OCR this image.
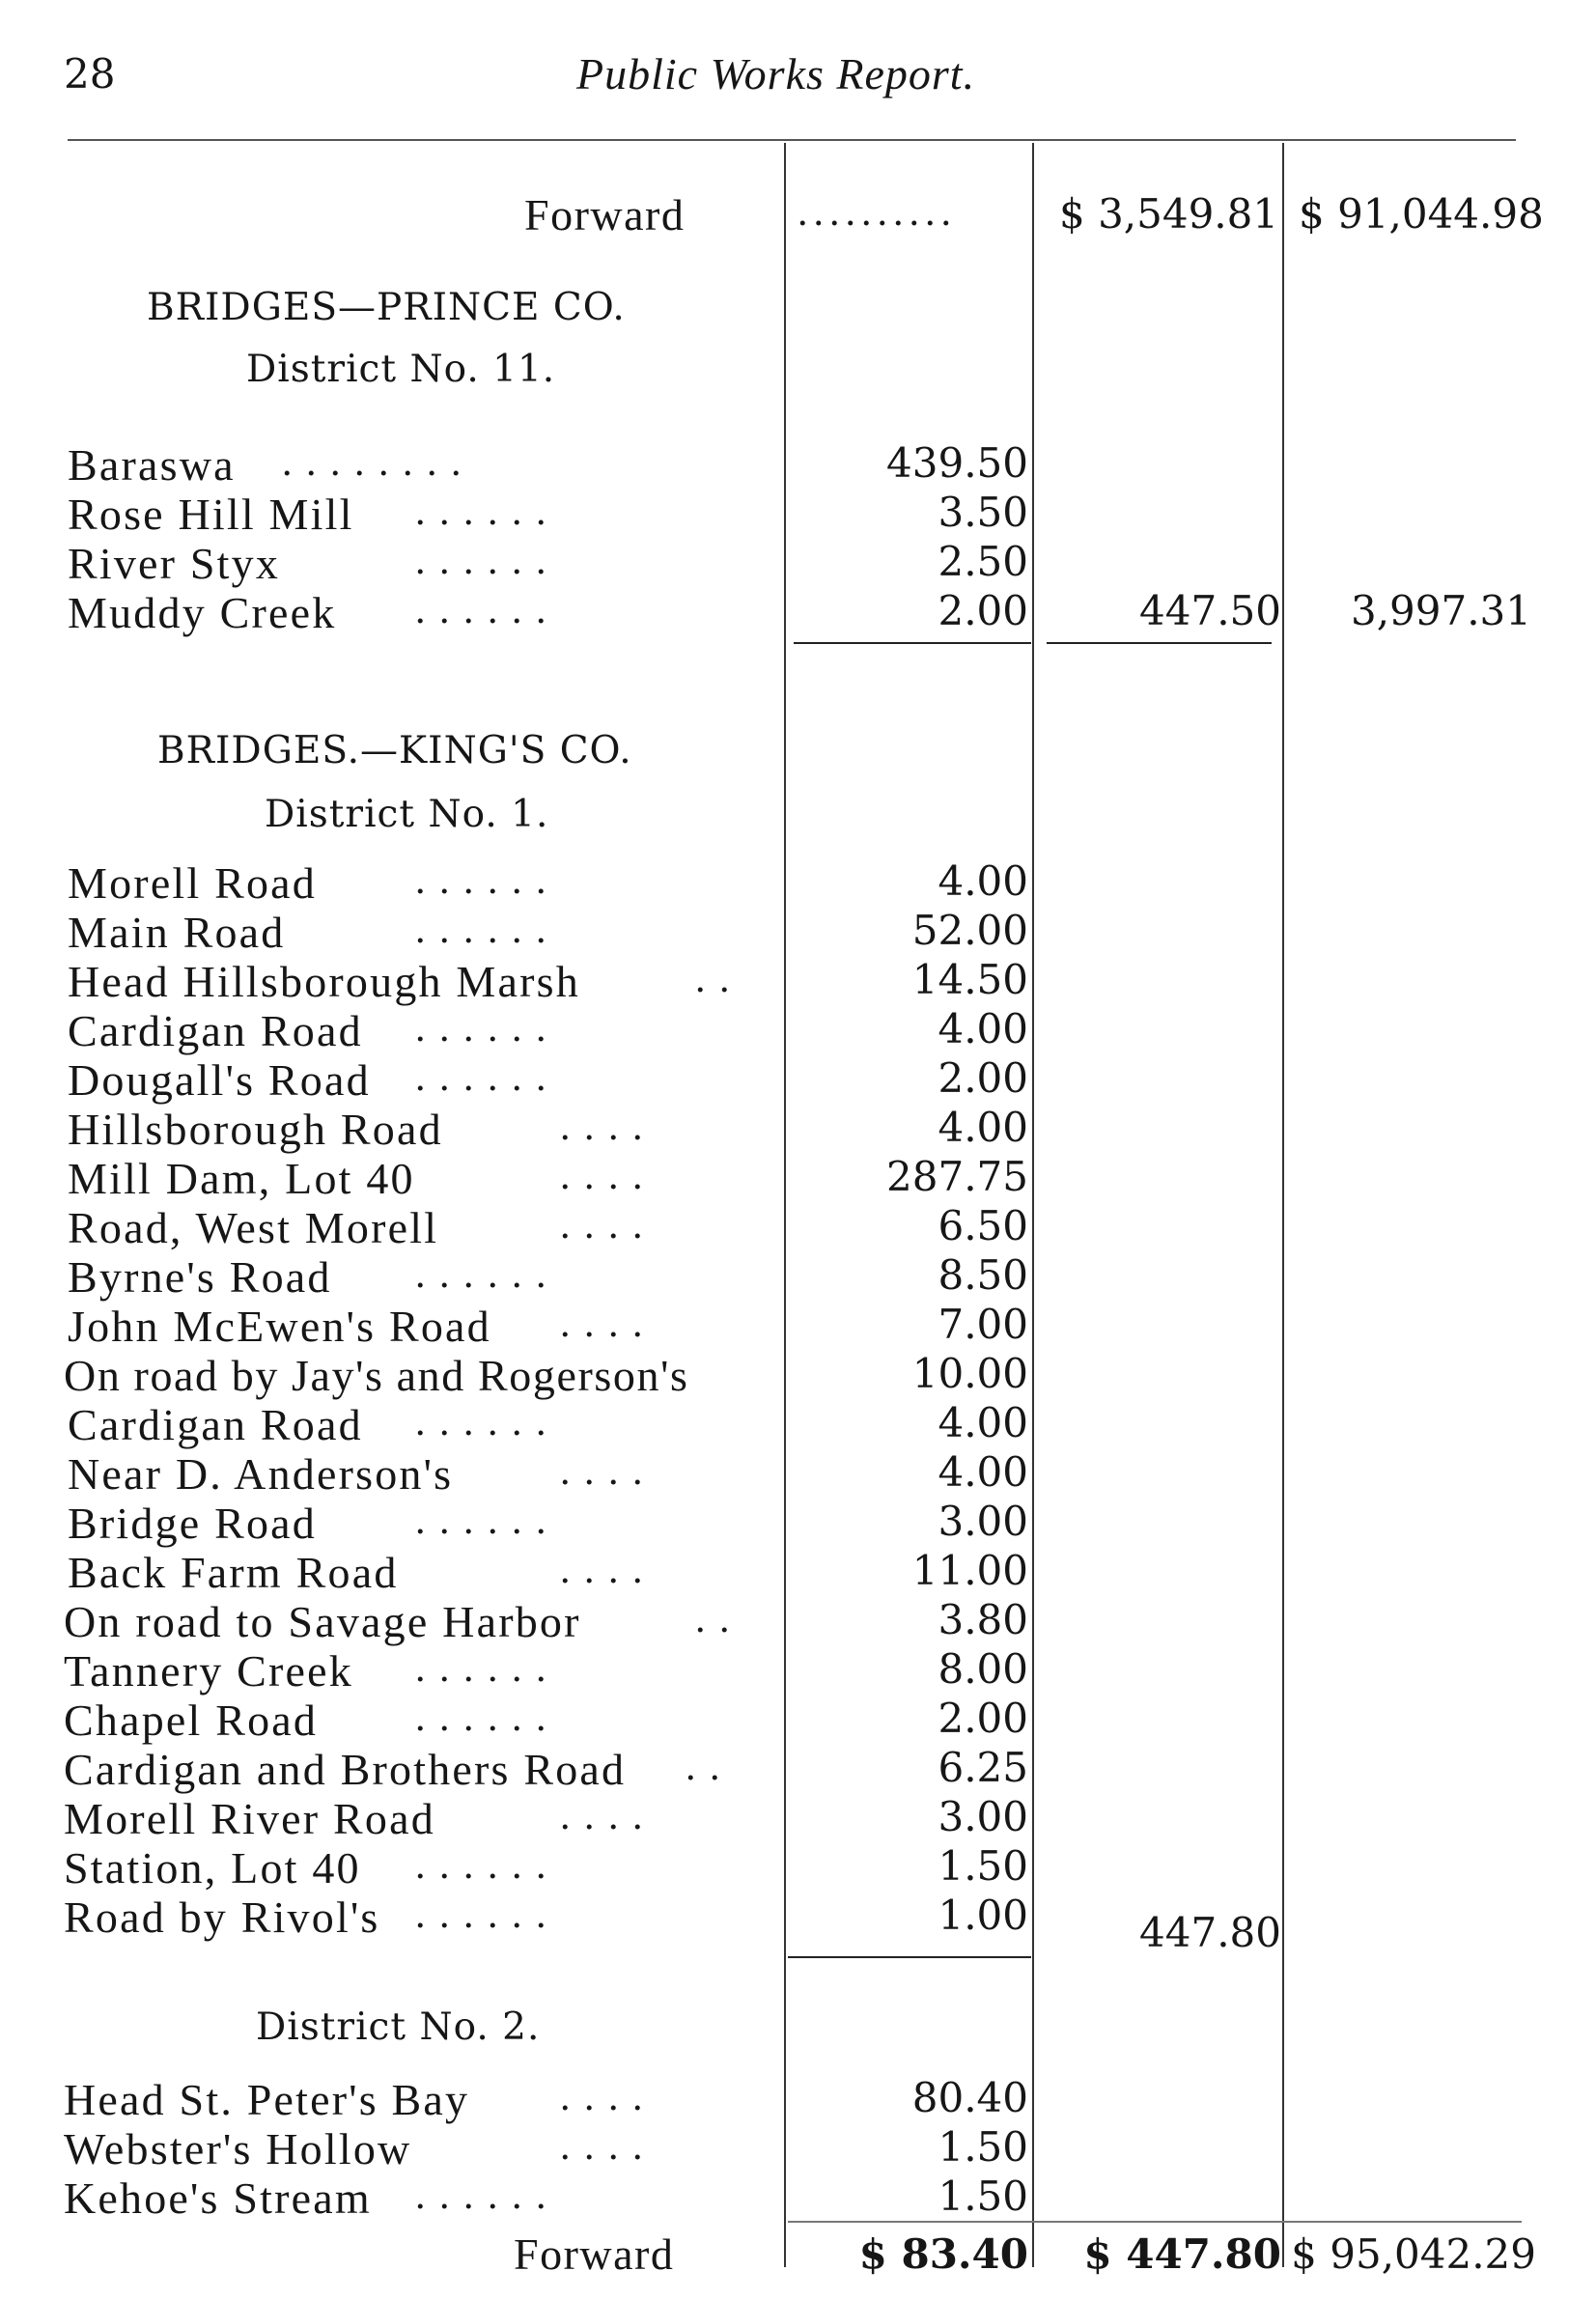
28	Public Works Report.
Forward	..........	$ 3,549.81 $ 91,044.98
BRIDGES—PRINCE CO.
District No. 11.
Baraswa . . . . . . . .	439.50
Rose Hill Mill . . . . . .	3.50
River Styx	. . . . . .	2.50
Muddy Creek . . . . . .	2.00	447.50 3,997.31
BRIDGES.—KING'S CO.
District No. 1.
Morell Road . . . . . .	4.00
Main Road	. . . . . .	52.00
Head Hillsborough Marsh	. .	14.50
Cardigan Road . . . . . .	4.00
Dougall's Road . . . . . .	2.00
Hillsborough Road	. . . .	4.00
Mill Dam, Lot 40	. . . .	287.75
Road, West Morell	. . . .	6.50
Byrne's Road . . . . . .	8.50
John McEwen's Road . . . .	7.00
On road by Jay's and Rogerson's	10.00
Cardigan Road . . . . . .	4.00
Near D. Anderson's	. . . .	4.00
Bridge Road . . . . . .	3.00
Back Farm Road	. . . .	11.00
On road to Savage Harbor	. .	3.80
Tannery Creek . . . . . .	8.00
Chapel Road . . . . . .	2.00
Cardigan and Brothers Road . .	6.25
Morell River Road	. . . .	3.00
Station, Lot 40 . . . . . .	1.50
Road by Rivol's . . . . . .	1.00	447.80
District No. 2.
Head St. Peter's Bay . . . .	80.40
Webster's Hollow	. . . .	1.50
Kehoe's Stream . . . . . .	1.50
Forward	$ 83.40 $ 447.80 $ 95,042.29
